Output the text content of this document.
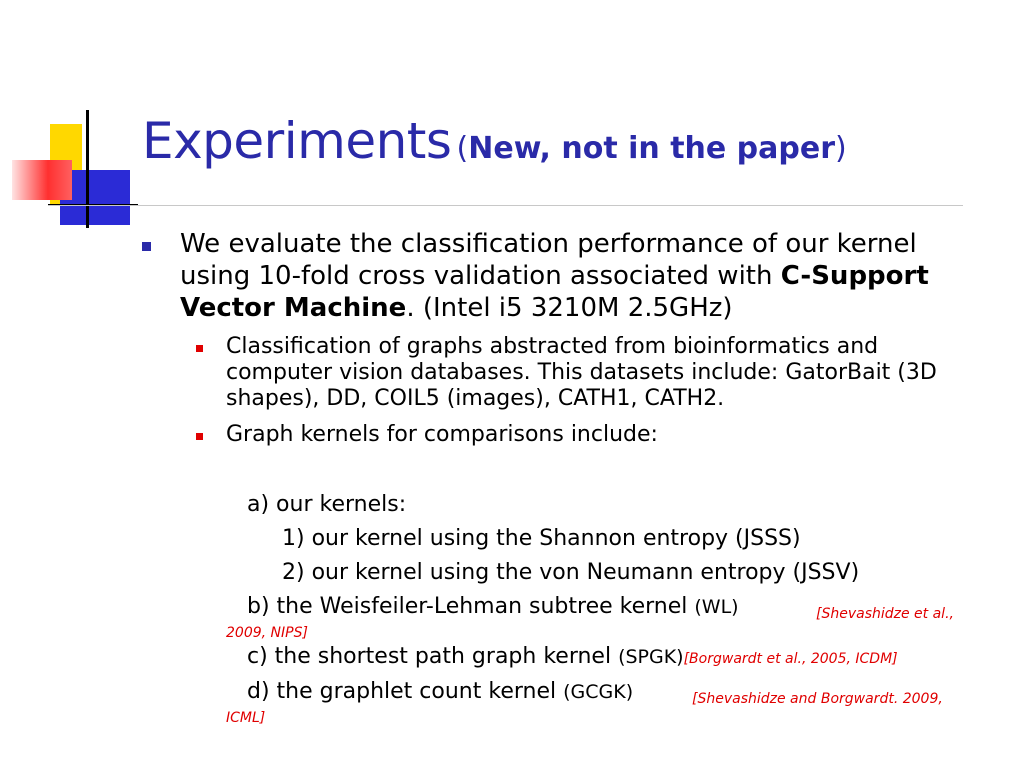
Experiments (New, not in the paper)
We evaluate the classification performance of our kernel using 10-fold cross validation associated with C-Support Vector Machine. (Intel i5 3210M 2.5GHz)
Classification of graphs abstracted from bioinformatics and computer vision databases. This datasets include: GatorBait (3D shapes), DD, COIL5 (images), CATH1, CATH2.
Graph kernels for comparisons include:
a) our kernels:
1) our kernel using the Shannon entropy (JSSS)
2) our kernel using the von Neumann entropy (JSSV)
b) the Weisfeiler-Lehman subtree kernel (WL)	[Shevashidze et al.,
2009, NIPS]
c) the shortest path graph kernel (SPGK)[Borgwardt et al., 2005, ICDM]
d) the graphlet count kernel (GCGK)	[Shevashidze and Borgwardt. 2009,
ICML]
